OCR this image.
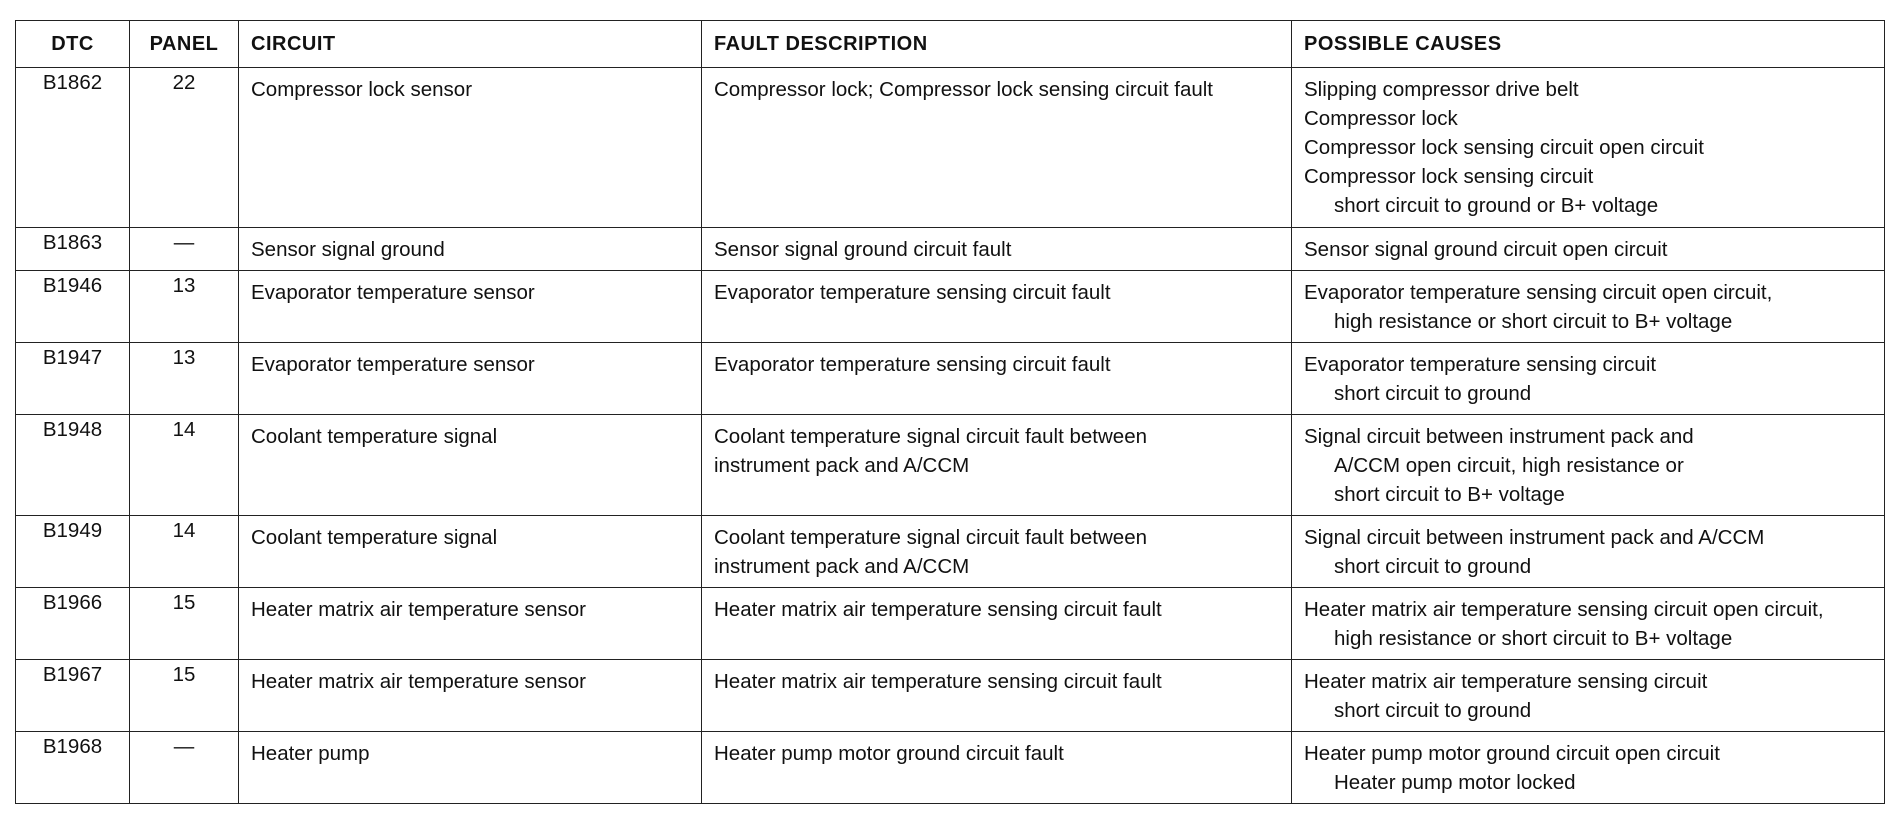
DTC	PANEL	CIRCUIT	FAULT DESCRIPTION	POSSIBLE CAUSES
B1862	22	Compressor lock sensor	Compressor lock; Compressor lock sensing circuit fault	Slipping compressor drive belt
Compressor lock
Compressor lock sensing circuit open circuit
Compressor lock sensing circuit
short circuit to ground or B+ voltage

B1863	—	Sensor signal ground	Sensor signal ground circuit fault	Sensor signal ground circuit open circuit

B1946	13	Evaporator temperature sensor	Evaporator temperature sensing circuit fault	Evaporator temperature sensing circuit open circuit,
high resistance or short circuit to B+ voltage

B1947	13	Evaporator temperature sensor	Evaporator temperature sensing circuit fault	Evaporator temperature sensing circuit
short circuit to ground

B1948	14	Coolant temperature signal	Coolant temperature signal circuit fault between
instrument pack and A/CCM	Signal circuit between instrument pack and
A/CCM open circuit, high resistance or
short circuit to B+ voltage

B1949	14	Coolant temperature signal	Coolant temperature signal circuit fault between
instrument pack and A/CCM	Signal circuit between instrument pack and A/CCM
short circuit to ground

B1966	15	Heater matrix air temperature sensor	Heater matrix air temperature sensing circuit fault	Heater matrix air temperature sensing circuit open circuit,
high resistance or short circuit to B+ voltage

B1967	15	Heater matrix air temperature sensor	Heater matrix air temperature sensing circuit fault	Heater matrix air temperature sensing circuit
short circuit to ground

B1968	—	Heater pump	Heater pump motor ground circuit fault	Heater pump motor ground circuit open circuit
Heater pump motor locked
